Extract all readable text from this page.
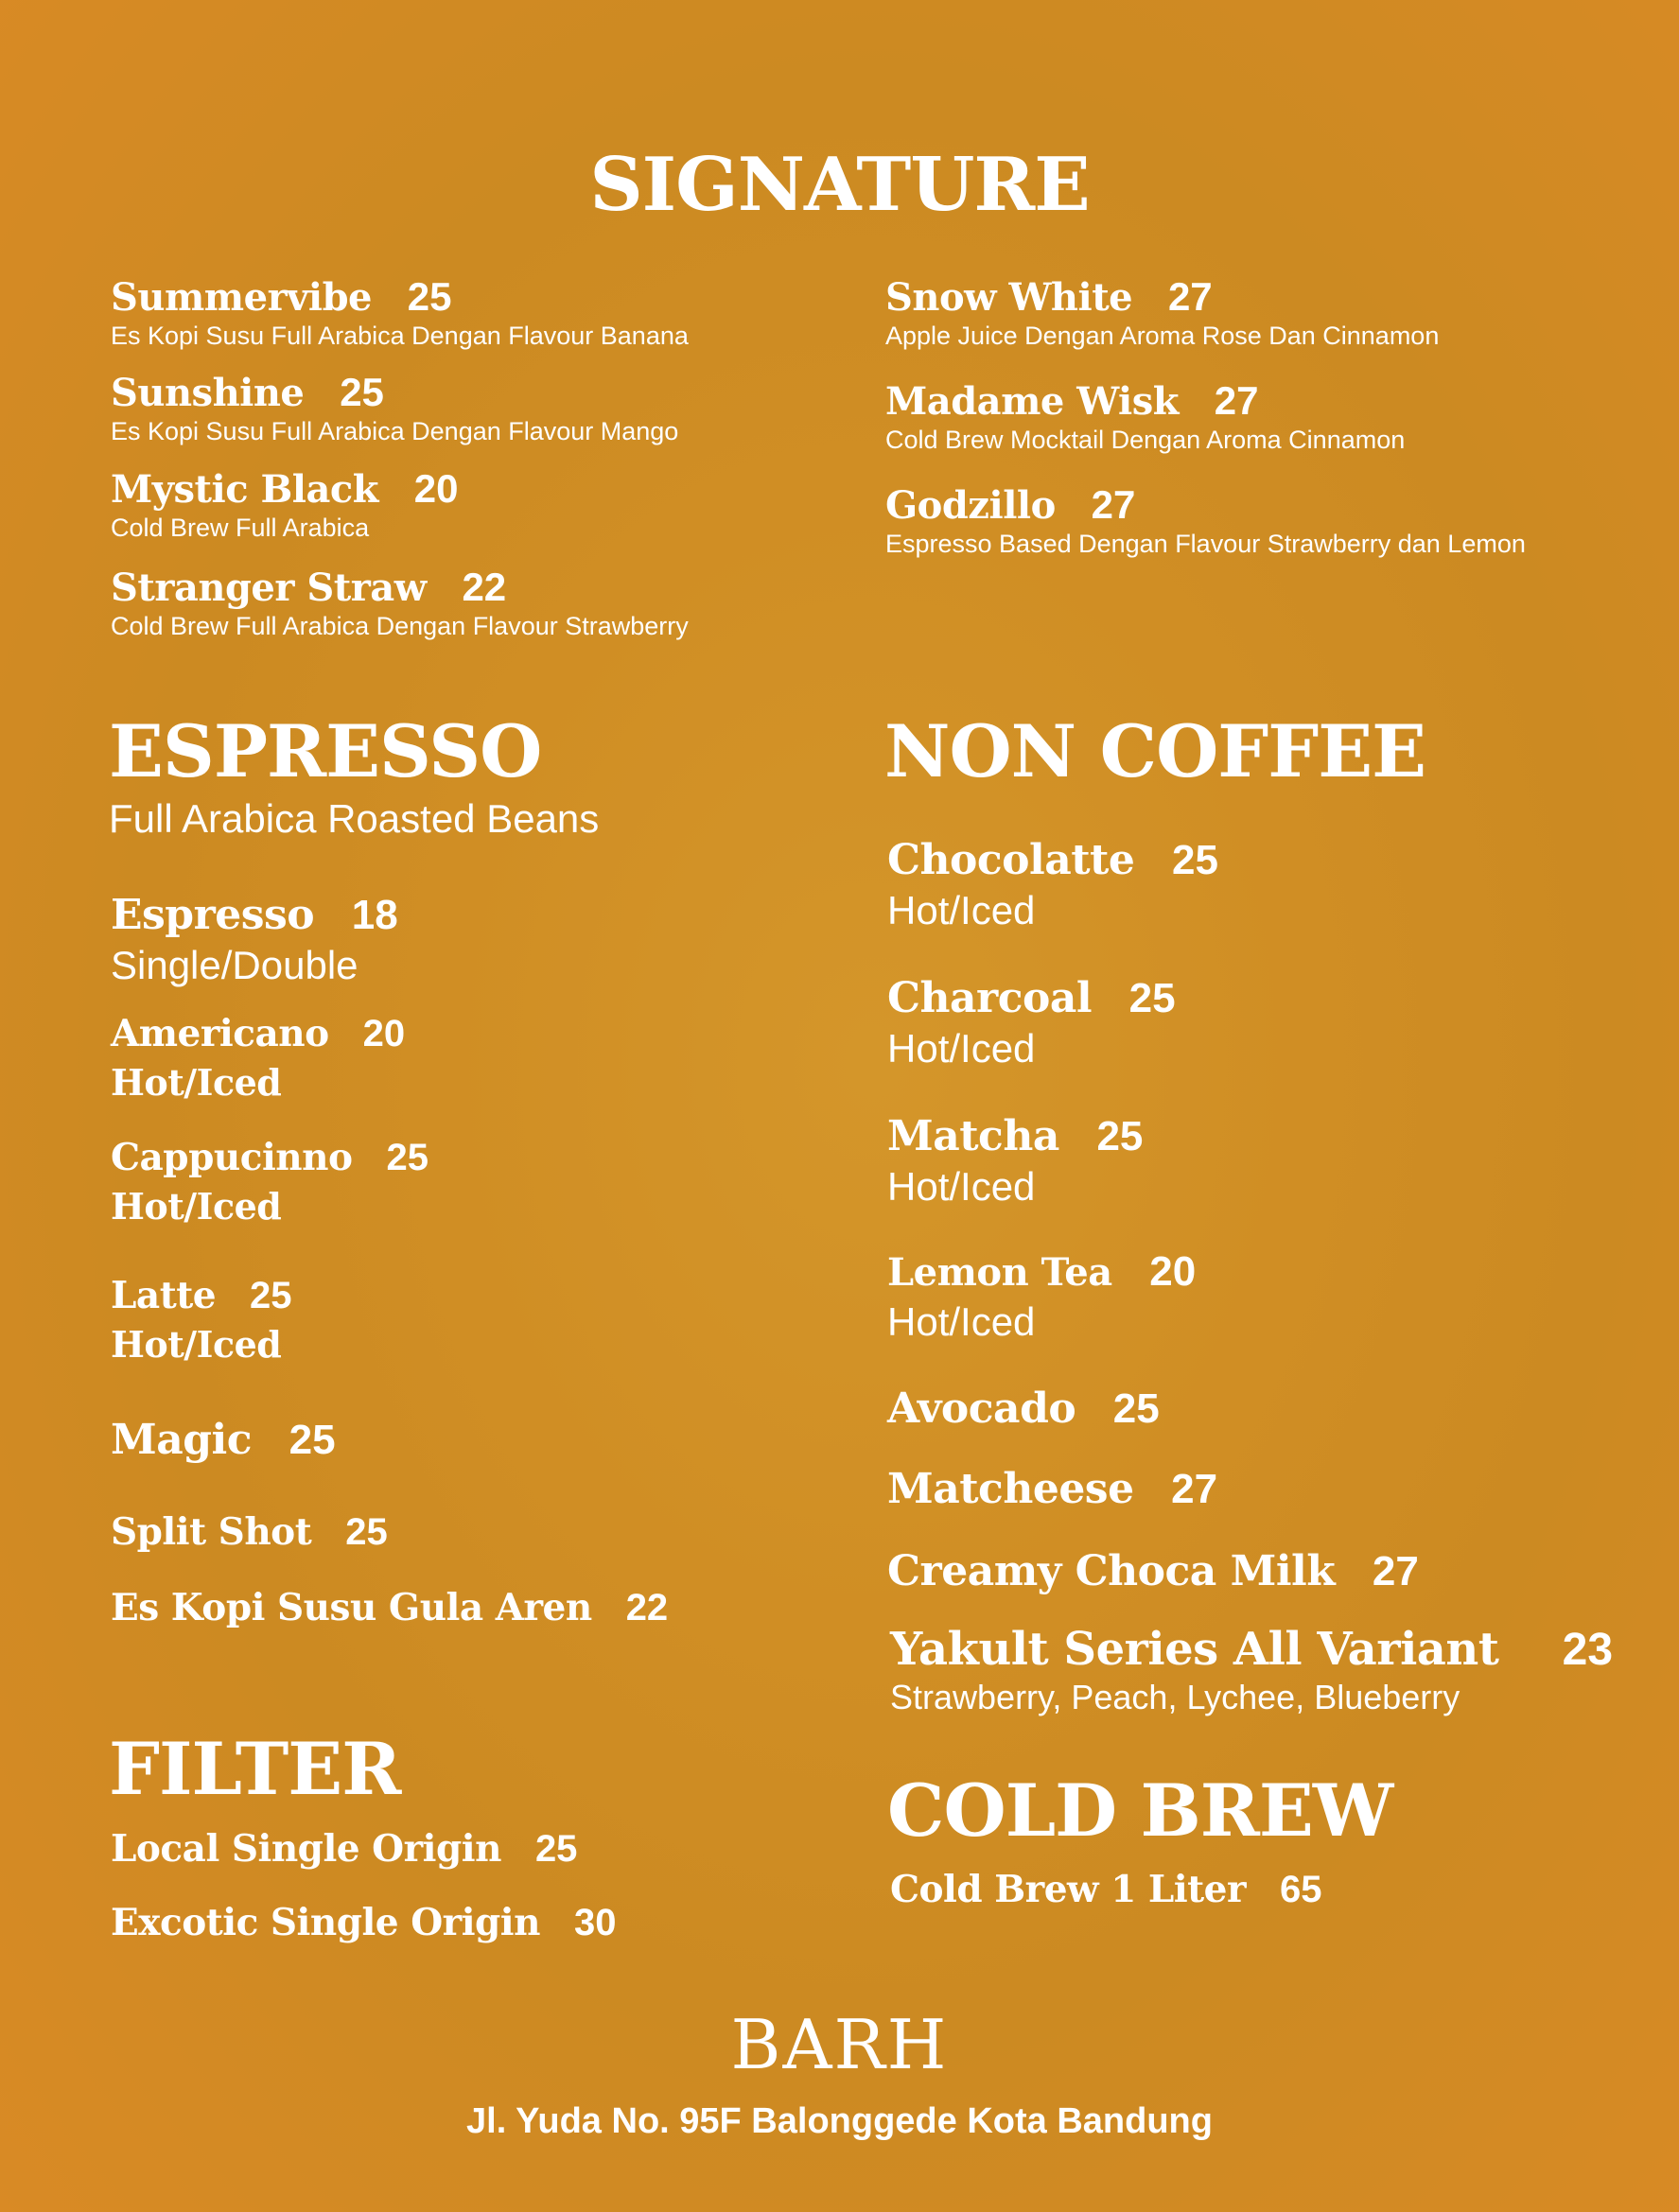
SIGNATURE
Summervibe 25
Es Kopi Susu Full Arabica Dengan Flavour Banana
Sunshine 25
Es Kopi Susu Full Arabica Dengan Flavour Mango
Mystic Black 20
Cold Brew Full Arabica
Stranger Straw 22
Cold Brew Full Arabica Dengan Flavour Strawberry
Snow White 27
Apple Juice Dengan Aroma Rose Dan Cinnamon
Madame Wisk 27
Cold Brew Mocktail Dengan Aroma Cinnamon
Godzillo 27
Espresso Based Dengan Flavour Strawberry dan Lemon
ESPRESSO
Full Arabica Roasted Beans
Espresso 18
Single/Double
Americano 20
Hot/Iced
Cappucinno 25
Hot/Iced
Latte 25
Hot/Iced
Magic 25
Split Shot 25
Es Kopi Susu Gula Aren 22
FILTER
Local Single Origin 25
Excotic Single Origin 30
NON COFFEE
Chocolatte 25
Hot/Iced
Charcoal 25
Hot/Iced
Matcha 25
Hot/Iced
Lemon Tea 20
Hot/Iced
Avocado 25
Matcheese 27
Creamy Choca Milk 27
Yakult Series All Variant 23
Strawberry, Peach, Lychee, Blueberry
COLD BREW
Cold Brew 1 Liter 65
BARH
Jl. Yuda No. 95F Balonggede Kota Bandung
